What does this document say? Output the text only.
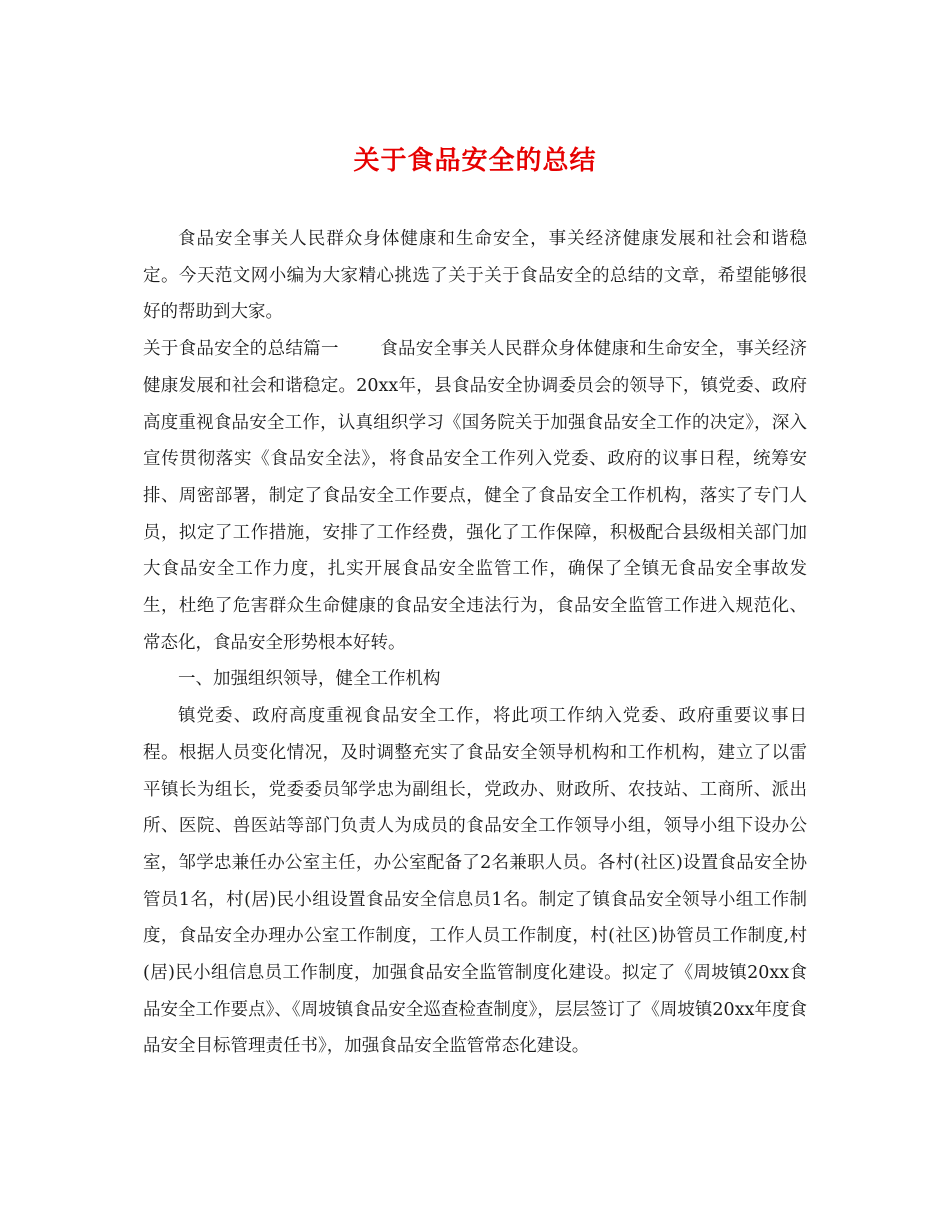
关于食品安全的总结

食品安全事关人民群众身体健康和生命安全，事关经济健康发展和社会和谐稳定。今天范文网小编为大家精心挑选了关于关于食品安全的总结的文章，希望能够很好的帮助到大家。

关于食品安全的总结篇一 　　食品安全事关人民群众身体健康和生命安全，事关经济健康发展和社会和谐稳定。20xx年，县食品安全协调委员会的领导下，镇党委、政府高度重视食品安全工作，认真组织学习《国务院关于加强食品安全工作的决定》，深入宣传贯彻落实《食品安全法》，将食品安全工作列入党委、政府的议事日程，统筹安排、周密部署，制定了食品安全工作要点，健全了食品安全工作机构，落实了专门人员，拟定了工作措施，安排了工作经费，强化了工作保障，积极配合县级相关部门加大食品安全工作力度，扎实开展食品安全监管工作，确保了全镇无食品安全事故发生，杜绝了危害群众生命健康的食品安全违法行为，食品安全监管工作进入规范化、常态化，食品安全形势根本好转。

一、加强组织领导，健全工作机构

镇党委、政府高度重视食品安全工作，将此项工作纳入党委、政府重要议事日程。根据人员变化情况，及时调整充实了食品安全领导机构和工作机构，建立了以雷平镇长为组长，党委委员邹学忠为副组长，党政办、财政所、农技站、工商所、派出所、医院、兽医站等部门负责人为成员的食品安全工作领导小组，领导小组下设办公室，邹学忠兼任办公室主任，办公室配备了2名兼职人员。各村(社区)设置食品安全协管员1名，村(居)民小组设置食品安全信息员1名。制定了镇食品安全领导小组工作制度，食品安全办理办公室工作制度，工作人员工作制度，村(社区)协管员工作制度,村(居)民小组信息员工作制度，加强食品安全监管制度化建设。拟定了《周坡镇20xx食品安全工作要点》、《周坡镇食品安全巡查检查制度》，层层签订了《周坡镇20xx年度食品安全目标管理责任书》，加强食品安全监管常态化建设。
